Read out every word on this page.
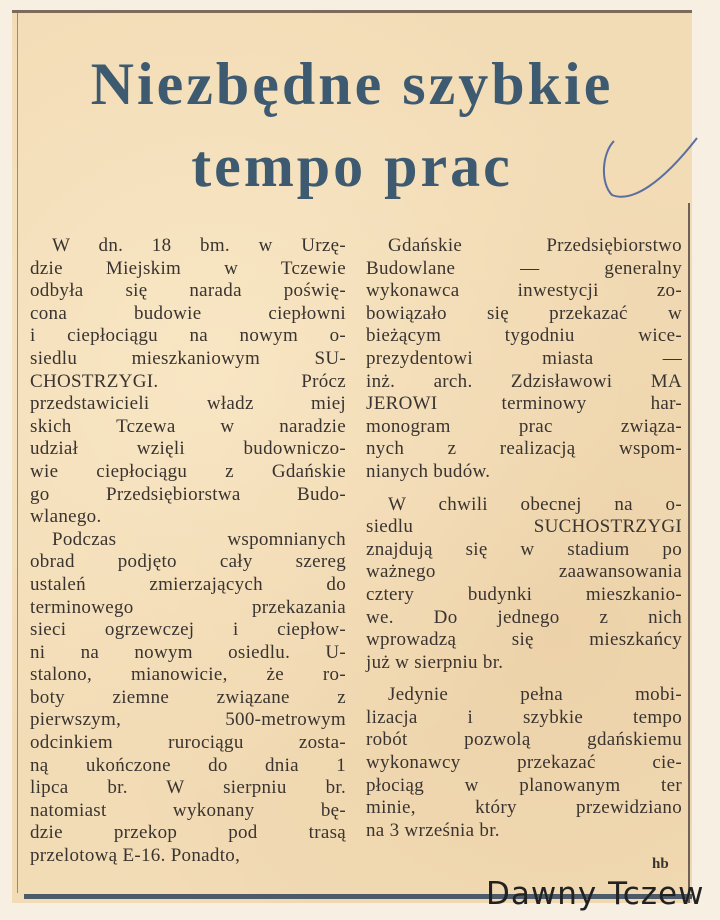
Niezbędne szybkie
tempo prac
W dn. 18 bm. w Urzę-
dzie Miejskim w Tczewie
odbyła się narada poświę-
cona budowie ciepłowni
i ciepłociągu na nowym o-
siedlu mieszkaniowym SU-
CHOSTRZYGI. Prócz
przedstawicieli władz miej
skich Tczewa w naradzie
udział wzięli budowniczo-
wie ciepłociągu z Gdańskie
go Przedsiębiorstwa Budo-
wlanego.
Podczas wspomnianych
obrad podjęto cały szereg
ustaleń zmierzających do
terminowego przekazania
sieci ogrzewczej i ciepłow-
ni na nowym osiedlu. U-
stalono, mianowicie, że ro-
boty ziemne związane z
pierwszym, 500-metrowym
odcinkiem rurociągu zosta-
ną ukończone do dnia 1
lipca br. W sierpniu br.
natomiast wykonany bę-
dzie przekop pod trasą
przelotową E-16. Ponadto,
Gdańskie Przedsiębiorstwo
Budowlane — generalny
wykonawca inwestycji zo-
bowiązało się przekazać w
bieżącym tygodniu wice-
prezydentowi miasta —
inż. arch. Zdzisławowi MA
JEROWI terminowy har-
monogram prac związa-
nych z realizacją wspom-
nianych budów.
W chwili obecnej na o-
siedlu SUCHOSTRZYGI
znajdują się w stadium po
ważnego zaawansowania
cztery budynki mieszkanio-
we. Do jednego z nich
wprowadzą się mieszkańcy
już w sierpniu br.
Jedynie pełna mobi-
lizacja i szybkie tempo
robót pozwolą gdańskiemu
wykonawcy przekazać cie-
płociąg w planowanym ter
minie, który przewidziano
na 3 września br.
hb
Dawny Tczew
